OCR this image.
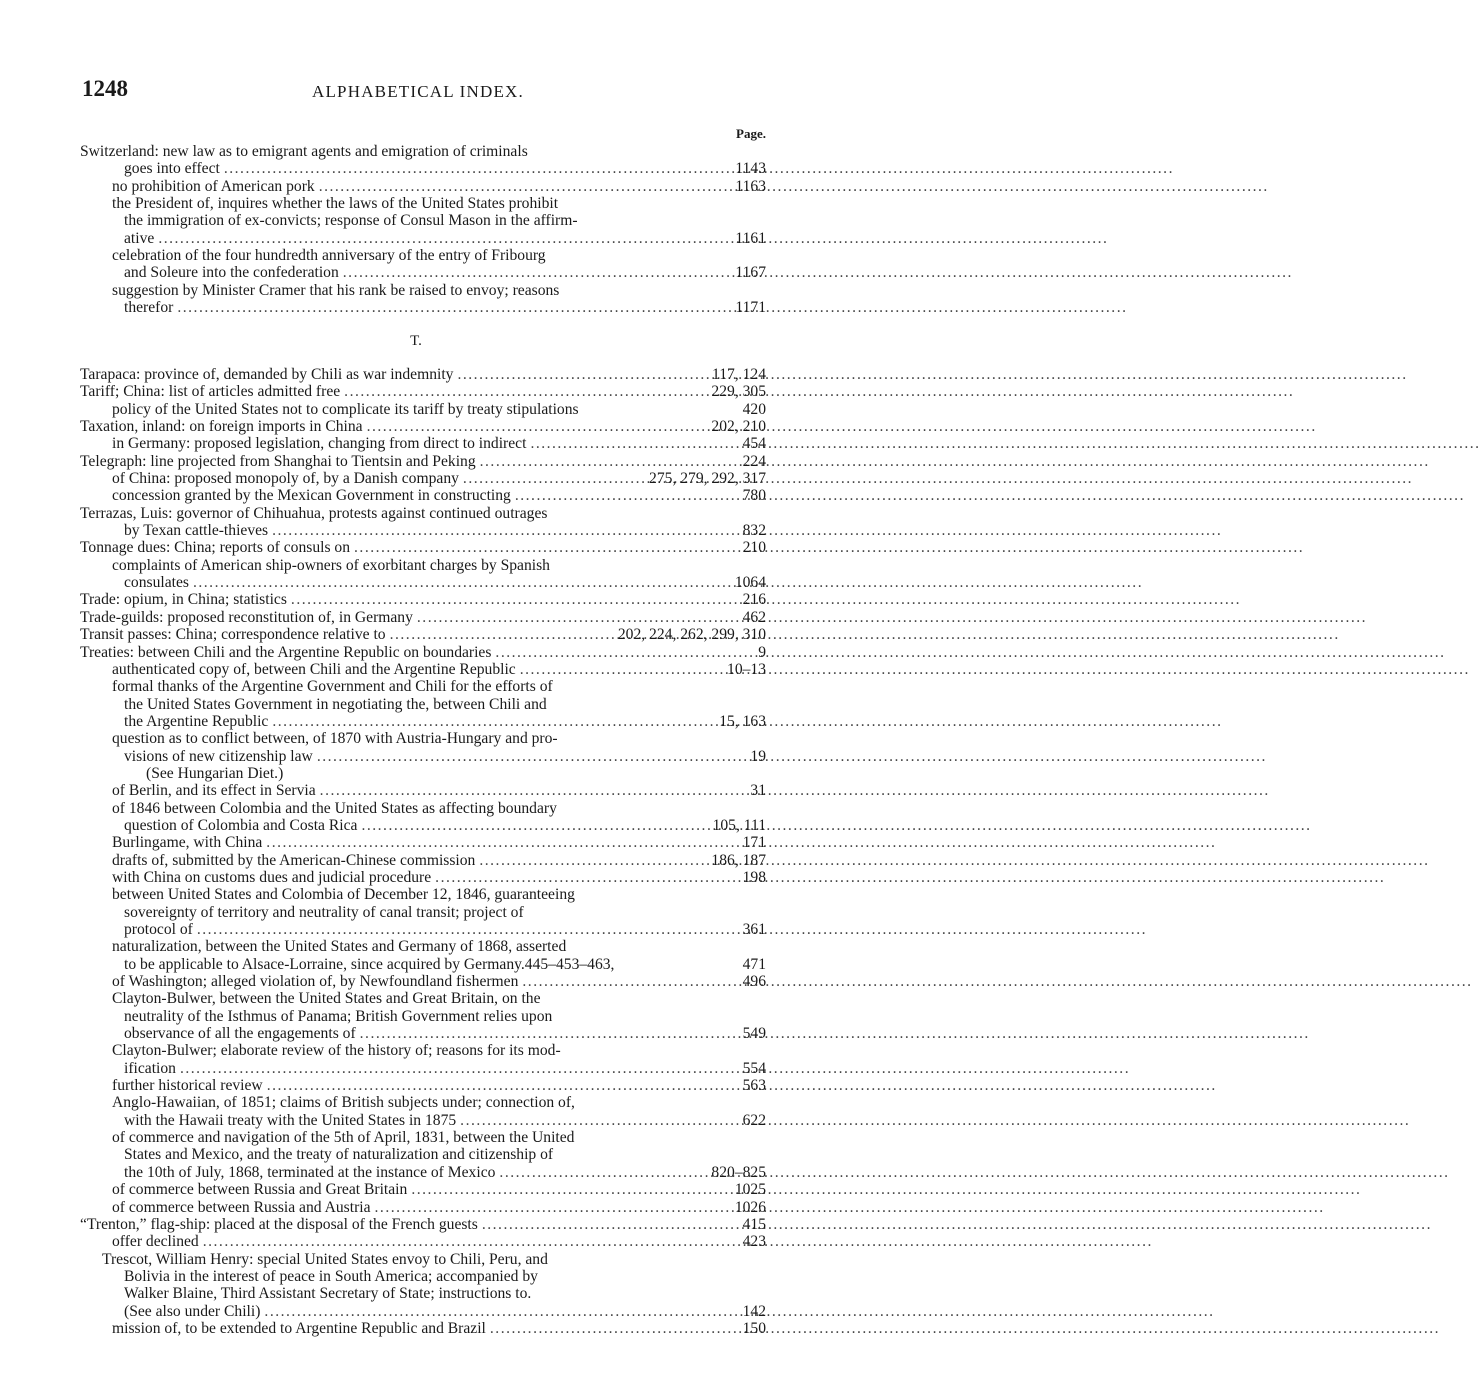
1248	ALPHABETICAL INDEX.
Page.
Switzerland: new law as to emigrant agents and emigration of criminals
goes into effect .....	1143
no prohibition of American pork .....	1163
the President of, inquires whether the laws of the United States prohibit
the immigration of ex-convicts; response of Consul Mason in the affirm-
ative .....	1161
celebration of the four hundredth anniversary of the entry of Fribourg
and Soleure into the confederation .....	1167
suggestion by Minister Cramer that his rank be raised to envoy; reasons
therefor .....	1171
T.
Tarapaca: province of, demanded by Chili as war indemnity .....	117, 124
Tariff; China: list of articles admitted free .....	229, 305
policy of the United States not to complicate its tariff by treaty stipulations	420
Taxation, inland: on foreign imports in China .....	202, 210
in Germany: proposed legislation, changing from direct to indirect .....	454
Telegraph: line projected from Shanghai to Tientsin and Peking .....	224
of China: proposed monopoly of, by a Danish company .....	275, 279, 292, 317
concession granted by the Mexican Government in constructing .....	780
Terrazas, Luis: governor of Chihuahua, protests against continued outrages
by Texan cattle-thieves .....	832
Tonnage dues: China; reports of consuls on .....	210
complaints of American ship-owners of exorbitant charges by Spanish
consulates .....	1064
Trade: opium, in China; statistics .....	216
Trade-guilds: proposed reconstitution of, in Germany .....	462
Transit passes: China; correspondence relative to .....	202, 224, 262, 299, 310
Treaties: between Chili and the Argentine Republic on boundaries .....	9
authenticated copy of, between Chili and the Argentine Republic .....	10–13
formal thanks of the Argentine Government and Chili for the efforts of
the United States Government in negotiating the, between Chili and
the Argentine Republic .....	15, 163
question as to conflict between, of 1870 with Austria-Hungary and pro-
visions of new citizenship law .....	19
(See Hungarian Diet.)
of Berlin, and its effect in Servia .....	31
of 1846 between Colombia and the United States as affecting boundary
question of Colombia and Costa Rica .....	105, 111
Burlingame, with China .....	171
drafts of, submitted by the American-Chinese commission .....	186, 187
with China on customs dues and judicial procedure .....	198
between United States and Colombia of December 12, 1846, guaranteeing
sovereignty of territory and neutrality of canal transit; project of
protocol of .....	361
naturalization, between the United States and Germany of 1868, asserted
to be applicable to Alsace-Lorraine, since acquired by Germany.445–453–463,	471
of Washington; alleged violation of, by Newfoundland fishermen .....	496
Clayton-Bulwer, between the United States and Great Britain, on the
neutrality of the Isthmus of Panama; British Government relies upon
observance of all the engagements of .....	549
Clayton-Bulwer; elaborate review of the history of; reasons for its mod-
ification .....	554
further historical review .....	563
Anglo-Hawaiian, of 1851; claims of British subjects under; connection of,
with the Hawaii treaty with the United States in 1875 .....	622
of commerce and navigation of the 5th of April, 1831, between the United
States and Mexico, and the treaty of naturalization and citizenship of
the 10th of July, 1868, terminated at the instance of Mexico .....	820–825
of commerce between Russia and Great Britain .....	1025
of commerce between Russia and Austria .....	1026
“Trenton,” flag-ship: placed at the disposal of the French guests .....	415
offer declined .....	423
Trescot, William Henry: special United States envoy to Chili, Peru, and
Bolivia in the interest of peace in South America; accompanied by
Walker Blaine, Third Assistant Secretary of State; instructions to.
(See also under Chili) .....	142
mission of, to be extended to Argentine Republic and Brazil .....	150
